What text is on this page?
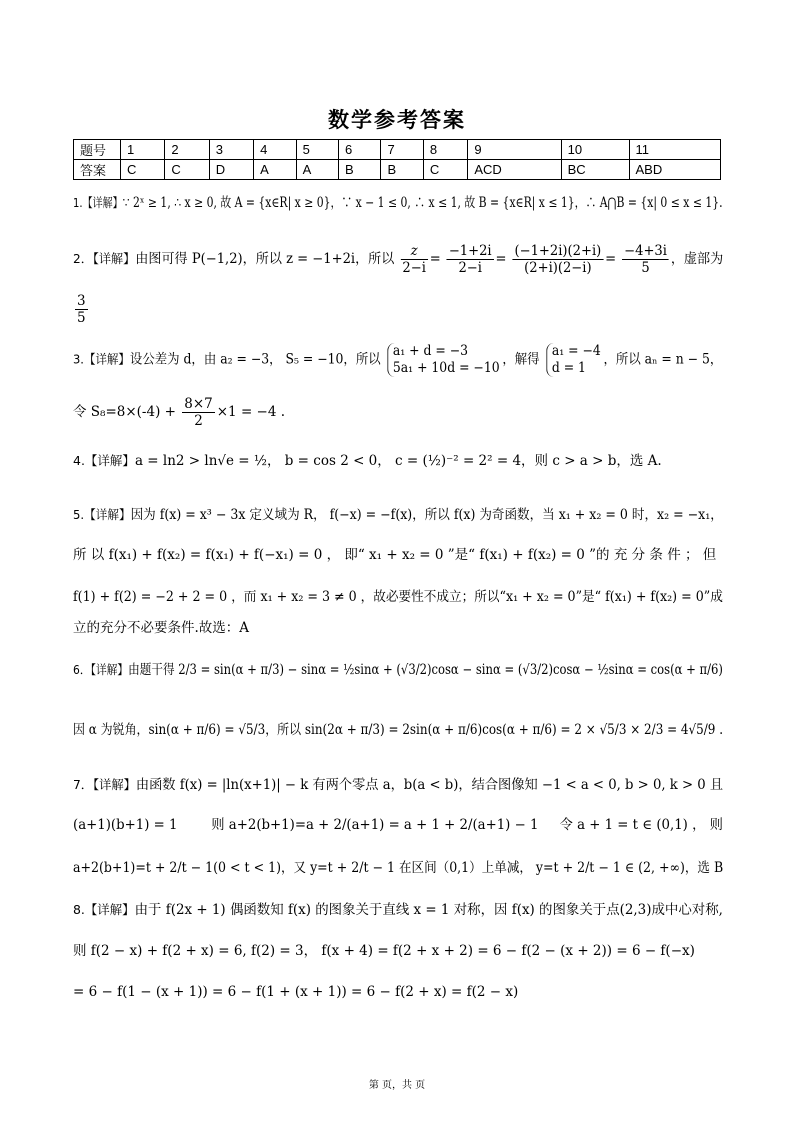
数学参考答案
题号	1	2	3	4	5	6	7	8	9	10	11
答案	C	C	D	A	A	B	B	C	ACD	BC	ABD
1.【详解】∵ 2ˣ ≥ 1, ∴ x ≥ 0, 故 A = {x∈R| x ≥ 0}，∵ x − 1 ≤ 0, ∴ x ≤ 1, 故 B = {x∈R| x ≤ 1}，∴ A⋂B = {x| 0 ≤ x ≤ 1}.
2．【详解】由图可得 P(−1,2)，所以 z = −1+2i，所以 $\frac{z}{2-i} = \frac{-1+2i}{2-i} = \frac{(-1+2i)(2+i)}{(2+i)(2-i)} = \frac{-4+3i}{5}$ ，虚部为
$\frac{3}{5}$
3.【详解】设公差为 d，由 a₂ = −3， S₅ = −10，所以 a₁ + d = −3
5a₁ + 10d = −10，解得 a₁ = −4
d = 1，所以 aₙ = n − 5，
令 $S_8=8\times(-4) + \frac{8\times 7}{2} \times 1 = -4$ .
4.【详解】a = ln2 > ln√e = ½， b = cos 2 < 0， c = (½)⁻² = 2² = 4，则 c > a > b，选 A.
5.【详解】因为 f(x) = x³ − 3x 定义域为 R， f(−x) = −f(x)，所以 f(x) 为奇函数，当 x₁ + x₂ = 0 时，x₂ = −x₁，
所 以 f(x₁) + f(x₂) = f(x₁) + f(−x₁) = 0 ， 即“ x₁ + x₂ = 0 ”是“ f(x₁) + f(x₂) = 0 ”的 充 分 条 件 ； 但
f(1) + f(2) = −2 + 2 = 0 ，而 x₁ + x₂ = 3 ≠ 0 ，故必要性不成立；所以“x₁ + x₂ = 0”是“ f(x₁) + f(x₂) = 0”成
立的充分不必要条件.故选：A
6．【详解】由题干得 2/3 = sin(α + π/3) − sinα = ½sinα + (√3/2)cosα − sinα = (√3/2)cosα − ½sinα = cos(α + π/6)
因 α 为锐角，sin(α + π/6) = √5/3，所以 sin(2α + π/3) = 2sin(α + π/6)cos(α + π/6) = 2 × √5/3 × 2/3 = 4√5/9 .
7．【详解】由函数 f(x) = |ln(x+1)| − k 有两个零点 a，b(a < b)，结合图像知 −1 < a < 0, b > 0, k > 0 且
(a+1)(b+1) = 1	则 a+2(b+1)=a + 2/(a+1) = a + 1 + 2/(a+1) − 1 令 a + 1 = t ∈ (0,1) ， 则
a+2(b+1)=t + 2/t − 1(0 < t < 1)，又 y=t + 2/t − 1 在区间（0,1）上单减， y=t + 2/t − 1 ∈ (2, +∞)，选 B
8.【详解】由于 f(2x + 1) 偶函数知 f(x) 的图象关于直线 x = 1 对称，因 f(x) 的图象关于点(2,3)成中心对称,
则 f(2 − x) + f(2 + x) = 6, f(2) = 3， f(x + 4) = f(2 + x + 2) = 6 − f(2 − (x + 2)) = 6 − f(−x)
= 6 − f(1 − (x + 1)) = 6 − f(1 + (x + 1)) = 6 − f(2 + x) = f(2 − x)
第 页，共 页
